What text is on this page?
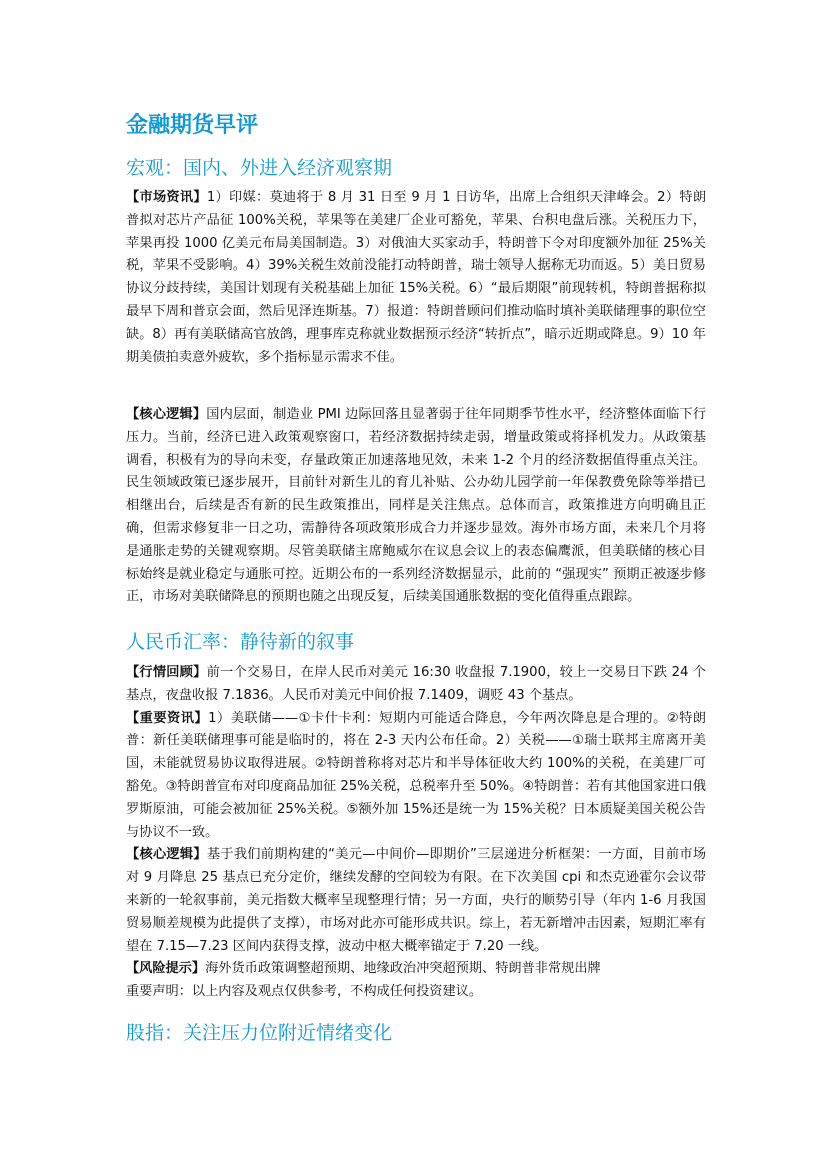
金融期货早评
宏观：国内、外进入经济观察期
【市场资讯】1）印媒：莫迪将于 8 月 31 日至 9 月 1 日访华，出席上合组织天津峰会。2）特朗普拟对芯片产品征 100%关税，苹果等在美建厂企业可豁免，苹果、台积电盘后涨。关税压力下，苹果再投 1000 亿美元布局美国制造。3）对俄油大买家动手，特朗普下令对印度额外加征 25%关税，苹果不受影响。4）39%关税生效前没能打动特朗普，瑞士领导人据称无功而返。5）美日贸易协议分歧持续，美国计划现有关税基础上加征 15%关税。6）“最后期限”前现转机，特朗普据称拟最早下周和普京会面，然后见泽连斯基。7）报道：特朗普顾问们推动临时填补美联储理事的职位空缺。8）再有美联储高官放鸽，理事库克称就业数据预示经济“转折点”，暗示近期或降息。9）10 年期美债拍卖意外疲软，多个指标显示需求不佳。
【核心逻辑】国内层面，制造业 PMI 边际回落且显著弱于往年同期季节性水平，经济整体面临下行压力。当前，经济已进入政策观察窗口，若经济数据持续走弱，增量政策或将择机发力。从政策基调看，积极有为的导向未变，存量政策正加速落地见效，未来 1-2 个月的经济数据值得重点关注。民生领域政策已逐步展开，目前针对新生儿的育儿补贴、公办幼儿园学前一年保教费免除等举措已相继出台，后续是否有新的民生政策推出，同样是关注焦点。总体而言，政策推进方向明确且正确，但需求修复非一日之功，需静待各项政策形成合力并逐步显效。海外市场方面，未来几个月将是通胀走势的关键观察期。尽管美联储主席鲍威尔在议息会议上的表态偏鹰派，但美联储的核心目标始终是就业稳定与通胀可控。近期公布的一系列经济数据显示，此前的 “强现实” 预期正被逐步修正，市场对美联储降息的预期也随之出现反复，后续美国通胀数据的变化值得重点跟踪。
人民币汇率：静待新的叙事
【行情回顾】前一个交易日，在岸人民币对美元 16:30 收盘报 7.1900，较上一交易日下跌 24 个基点，夜盘收报 7.1836。人民币对美元中间价报 7.1409，调贬 43 个基点。
【重要资讯】1）美联储——①卡什卡利：短期内可能适合降息，今年两次降息是合理的。②特朗普：新任美联储理事可能是临时的，将在 2-3 天内公布任命。2）关税——①瑞士联邦主席离开美国，未能就贸易协议取得进展。②特朗普称将对芯片和半导体征收大约 100%的关税，在美建厂可豁免。③特朗普宣布对印度商品加征 25%关税，总税率升至 50%。④特朗普：若有其他国家进口俄罗斯原油，可能会被加征 25%关税。⑤额外加 15%还是统一为 15%关税？日本质疑美国关税公告与协议不一致。
【核心逻辑】基于我们前期构建的“美元—中间价—即期价”三层递进分析框架：一方面，目前市场对 9 月降息 25 基点已充分定价，继续发酵的空间较为有限。在下次美国 cpi 和杰克逊霍尔会议带来新的一轮叙事前，美元指数大概率呈现整理行情；另一方面，央行的顺势引导（年内 1-6 月我国贸易顺差规模为此提供了支撑），市场对此亦可能形成共识。综上，若无新增冲击因素，短期汇率有望在 7.15—7.23 区间内获得支撑，波动中枢大概率锚定于 7.20 一线。
【风险提示】海外货币政策调整超预期、地缘政治冲突超预期、特朗普非常规出牌
重要声明：以上内容及观点仅供参考，不构成任何投资建议。
股指：关注压力位附近情绪变化
